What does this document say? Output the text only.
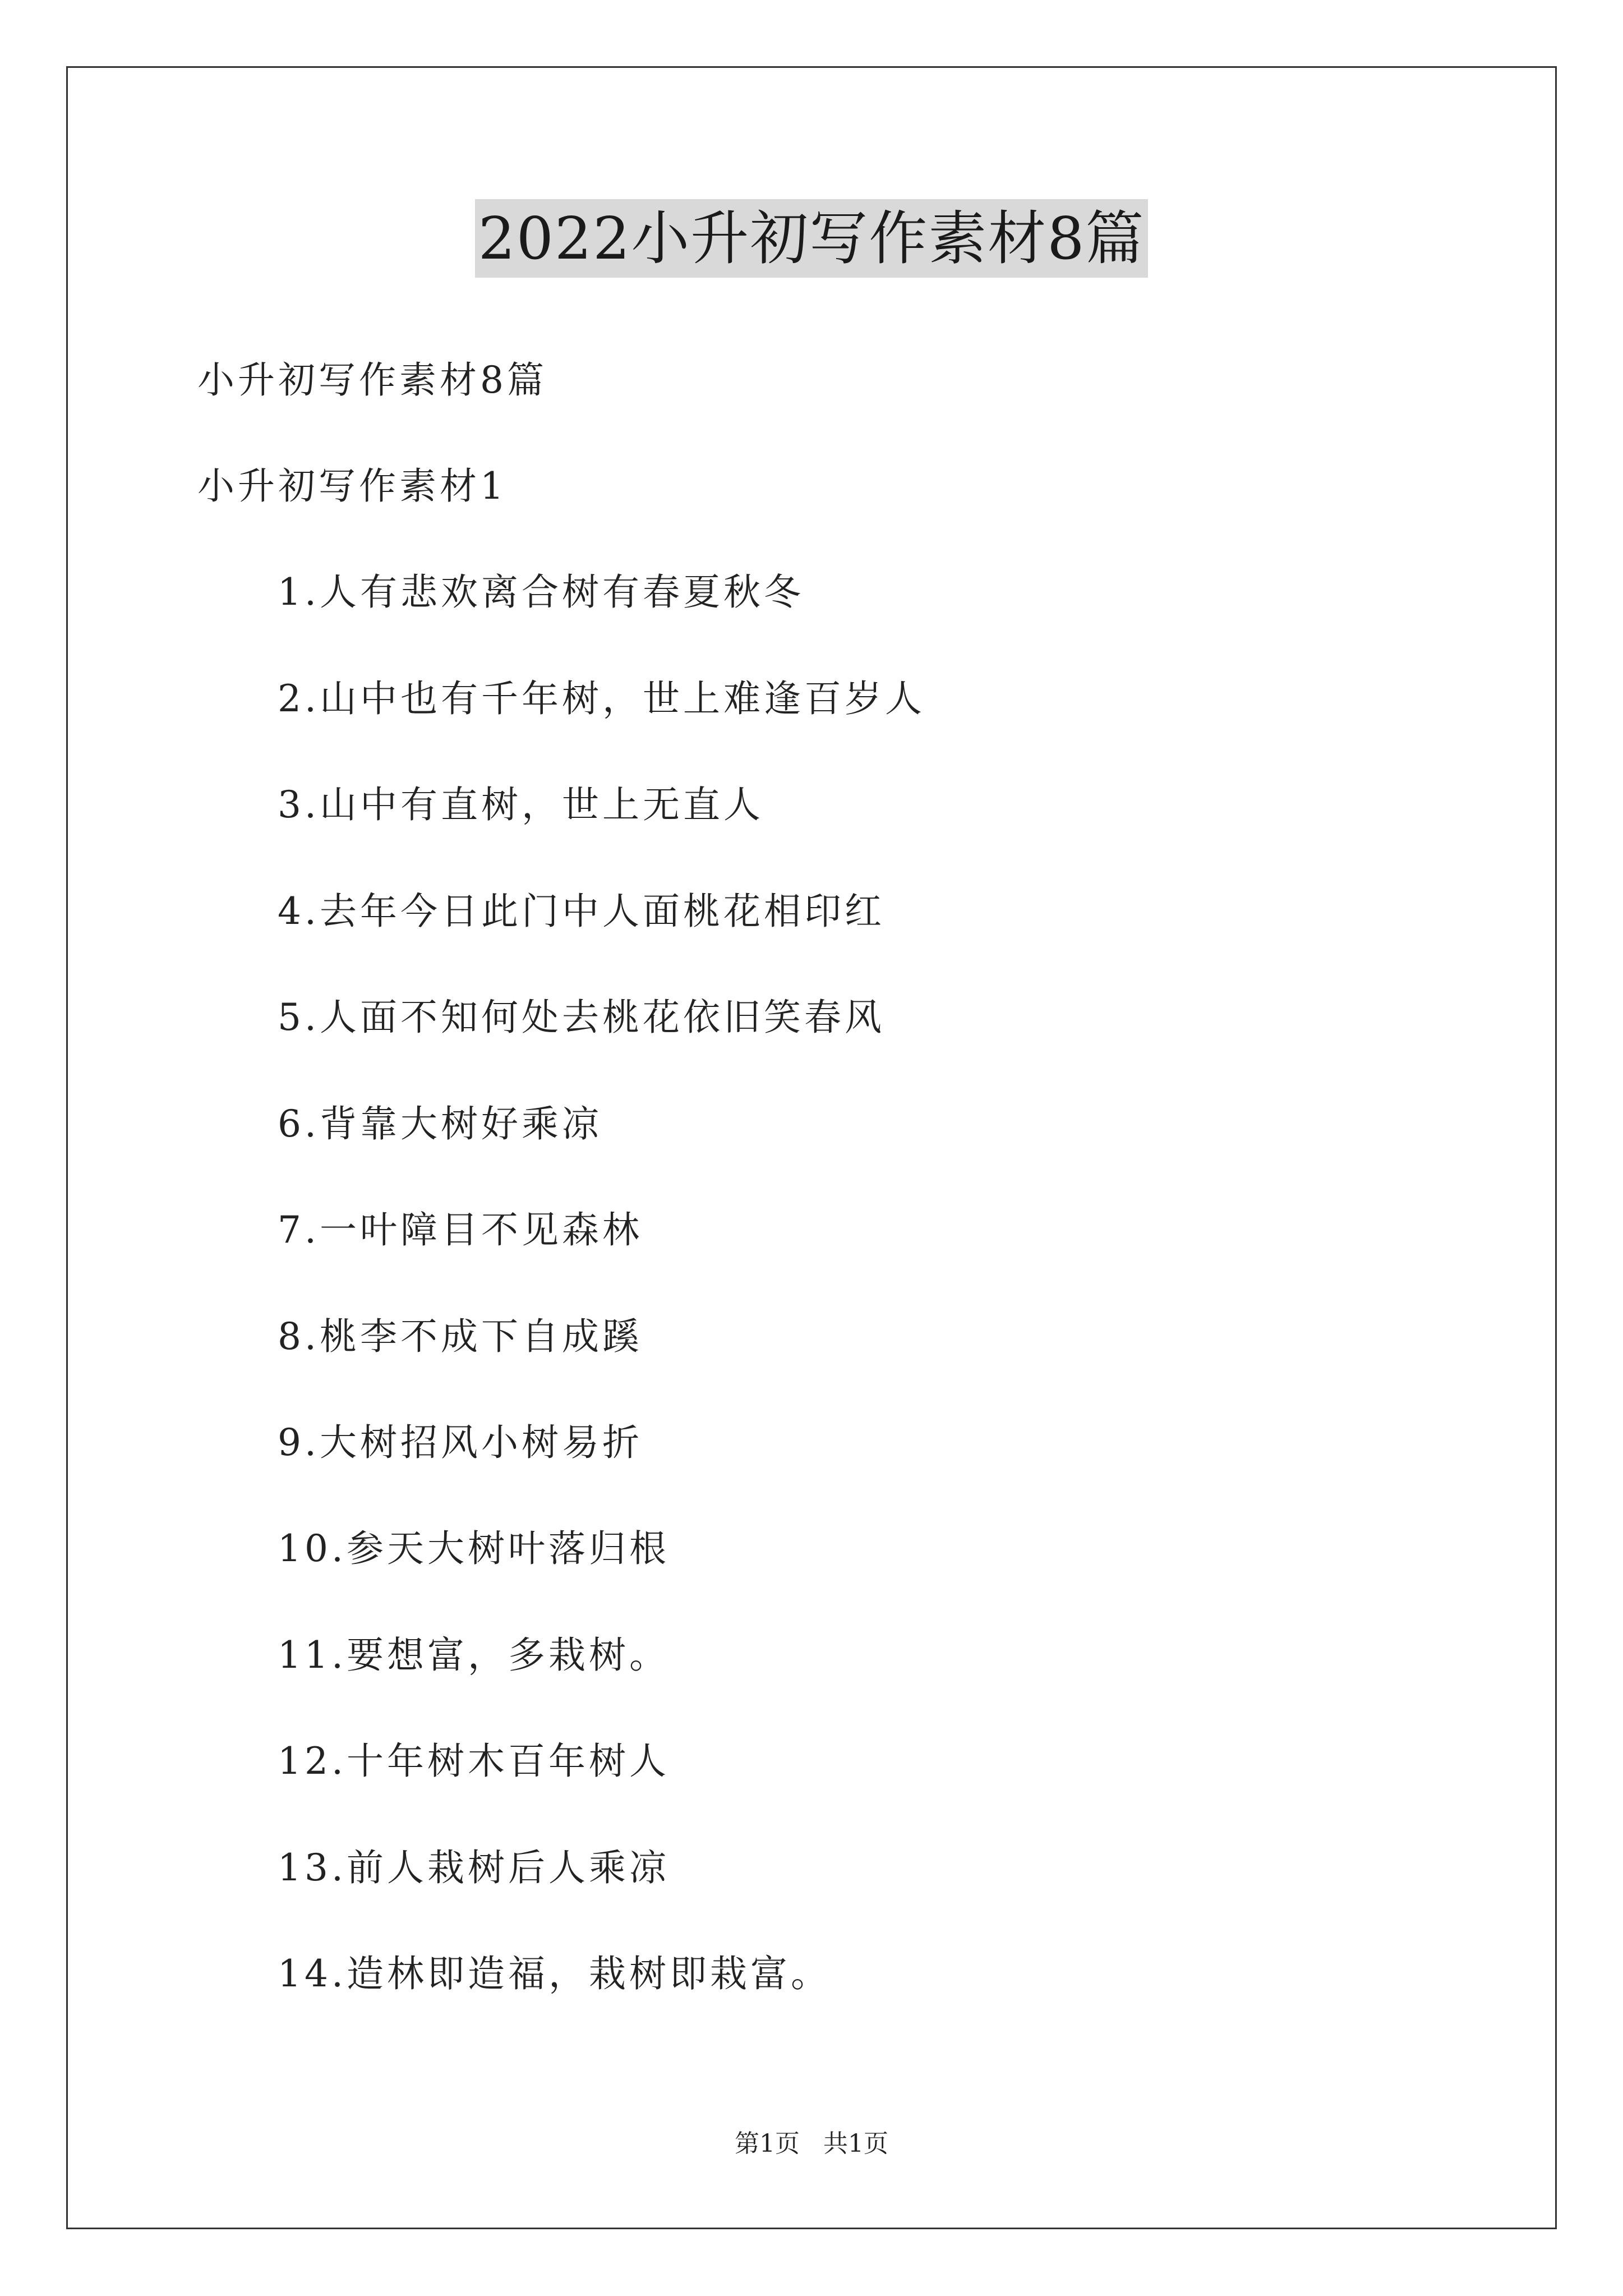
2022小升初写作素材8篇
小升初写作素材8篇
小升初写作素材1
1.人有悲欢离合树有春夏秋冬
2.山中也有千年树，世上难逢百岁人
3.山中有直树，世上无直人
4.去年今日此门中人面桃花相印红
5.人面不知何处去桃花依旧笑春风
6.背靠大树好乘凉
7.一叶障目不见森林
8.桃李不成下自成蹊
9.大树招风小树易折
10.参天大树叶落归根
11.要想富，多栽树。
12.十年树木百年树人
13.前人栽树后人乘凉
14.造林即造福，栽树即栽富。
第1页   共1页
